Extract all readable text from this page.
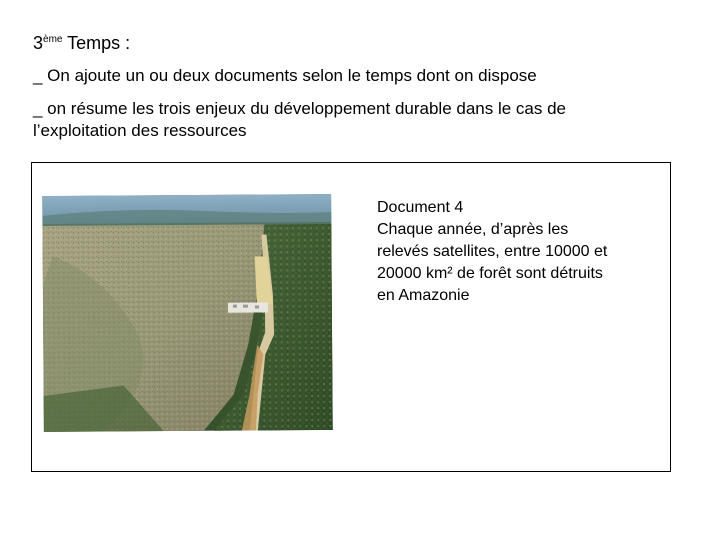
3ème Temps :
_ On ajoute un ou deux documents selon le temps dont on dispose
_ on résume les trois enjeux du développement durable dans le cas de
l’exploitation des ressources
Document 4
Chaque année, d’après les
relevés satellites, entre 10000 et
20000 km² de forêt sont détruits
en Amazonie
